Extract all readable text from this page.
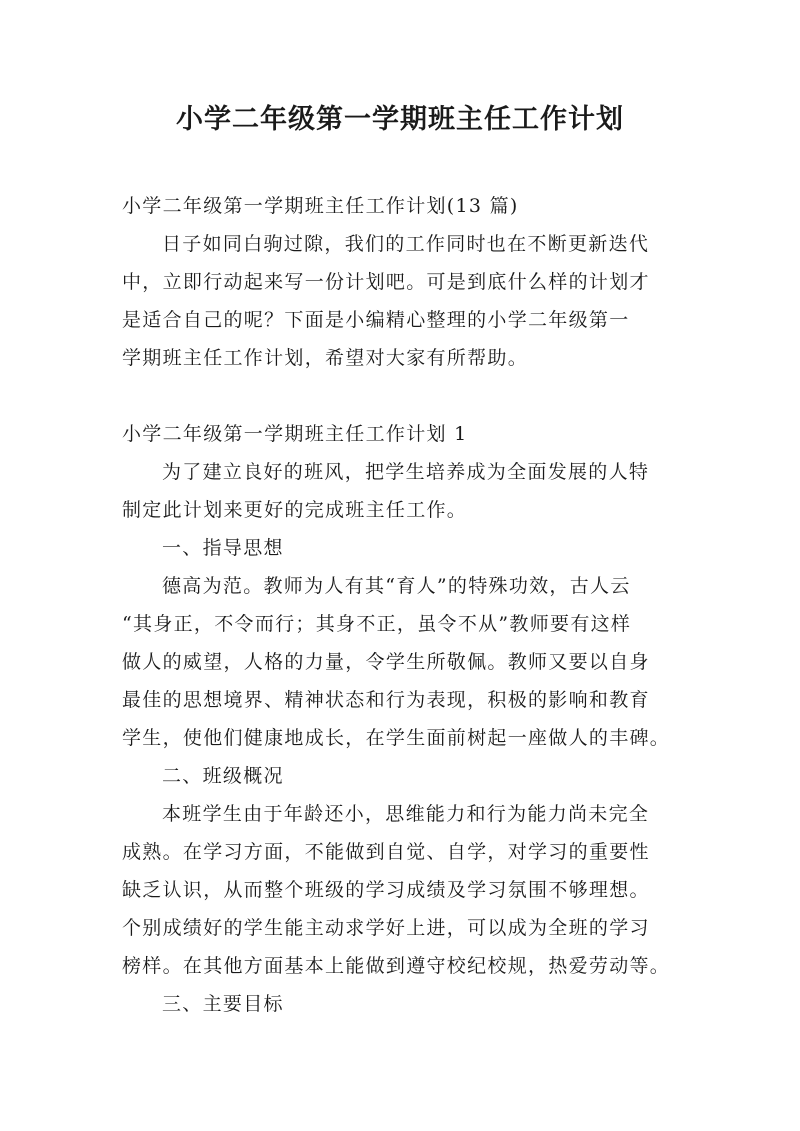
小学二年级第一学期班主任工作计划
小学二年级第一学期班主任工作计划(13 篇)
日子如同白驹过隙，我们的工作同时也在不断更新迭代
中，立即行动起来写一份计划吧。可是到底什么样的计划才
是适合自己的呢？下面是小编精心整理的小学二年级第一
学期班主任工作计划，希望对大家有所帮助。
小学二年级第一学期班主任工作计划 1
为了建立良好的班风，把学生培养成为全面发展的人特
制定此计划来更好的完成班主任工作。
一、指导思想
德高为范。教师为人有其“育人”的特殊功效，古人云
“其身正，不令而行；其身不正，虽令不从”教师要有这样
做人的威望，人格的力量，令学生所敬佩。教师又要以自身
最佳的思想境界、精神状态和行为表现，积极的影响和教育
学生，使他们健康地成长，在学生面前树起一座做人的丰碑。
二、班级概况
本班学生由于年龄还小，思维能力和行为能力尚未完全
成熟。在学习方面，不能做到自觉、自学，对学习的重要性
缺乏认识，从而整个班级的学习成绩及学习氛围不够理想。
个别成绩好的学生能主动求学好上进，可以成为全班的学习
榜样。在其他方面基本上能做到遵守校纪校规，热爱劳动等。
三、主要目标
